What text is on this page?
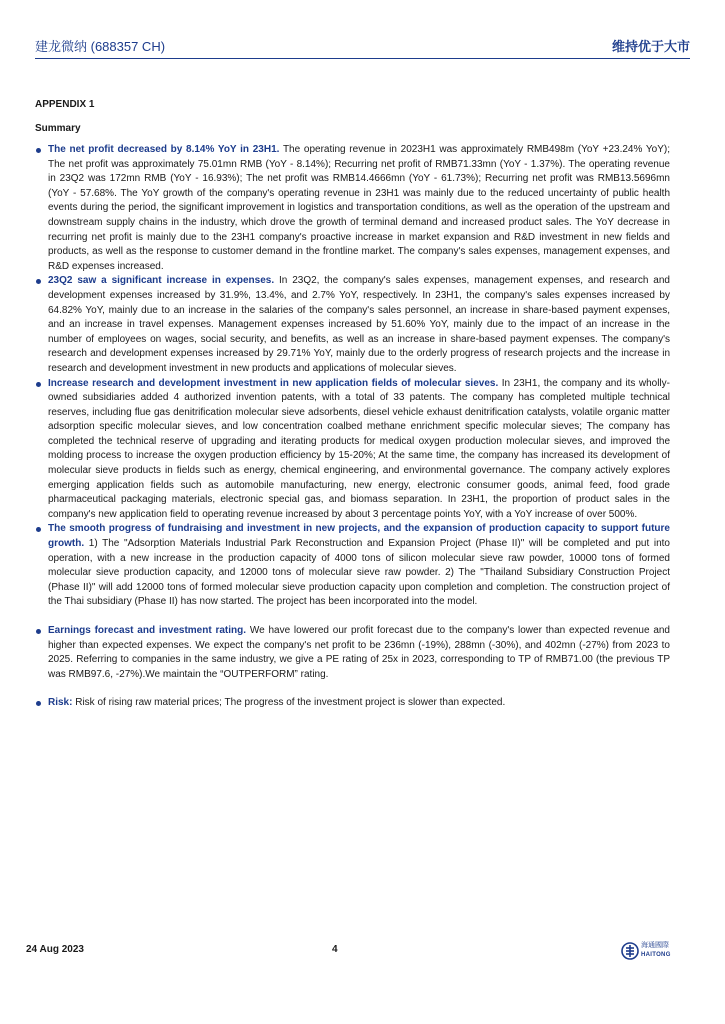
建龙微纳 (688357 CH)	维持优于大市
APPENDIX 1
Summary
The net profit decreased by 8.14% YoY in 23H1. The operating revenue in 2023H1 was approximately RMB498m (YoY +23.24% YoY); The net profit was approximately 75.01mn RMB (YoY - 8.14%); Recurring net profit of RMB71.33mn (YoY - 1.37%). The operating revenue in 23Q2 was 172mn RMB (YoY - 16.93%); The net profit was RMB14.4666mn (YoY - 61.73%); Recurring net profit was RMB13.5696mn (YoY - 57.68%. The YoY growth of the company's operating revenue in 23H1 was mainly due to the reduced uncertainty of public health events during the period, the significant improvement in logistics and transportation conditions, as well as the operation of the upstream and downstream supply chains in the industry, which drove the growth of terminal demand and increased product sales. The YoY decrease in recurring net profit is mainly due to the 23H1 company's proactive increase in market expansion and R&D investment in new fields and products, as well as the response to customer demand in the frontline market. The company's sales expenses, management expenses, and R&D expenses increased.
23Q2 saw a significant increase in expenses. In 23Q2, the company's sales expenses, management expenses, and research and development expenses increased by 31.9%, 13.4%, and 2.7% YoY, respectively. In 23H1, the company's sales expenses increased by 64.82% YoY, mainly due to an increase in the salaries of the company's sales personnel, an increase in share-based payment expenses, and an increase in travel expenses. Management expenses increased by 51.60% YoY, mainly due to the impact of an increase in the number of employees on wages, social security, and benefits, as well as an increase in share-based payment expenses. The company's research and development expenses increased by 29.71% YoY, mainly due to the orderly progress of research projects and the increase in research and development investment in new products and applications of molecular sieves.
Increase research and development investment in new application fields of molecular sieves. In 23H1, the company and its wholly-owned subsidiaries added 4 authorized invention patents, with a total of 33 patents. The company has completed multiple technical reserves, including flue gas denitrification molecular sieve adsorbents, diesel vehicle exhaust denitrification catalysts, volatile organic matter adsorption specific molecular sieves, and low concentration coalbed methane enrichment specific molecular sieves; The company has completed the technical reserve of upgrading and iterating products for medical oxygen production molecular sieves, and improved the molding process to increase the oxygen production efficiency by 15-20%; At the same time, the company has increased its development of molecular sieve products in fields such as energy, chemical engineering, and environmental governance. The company actively explores emerging application fields such as automobile manufacturing, new energy, electronic consumer goods, animal feed, food grade pharmaceutical packaging materials, electronic special gas, and biomass separation. In 23H1, the proportion of product sales in the company's new application field to operating revenue increased by about 3 percentage points YoY, with a YoY increase of over 500%.
The smooth progress of fundraising and investment in new projects, and the expansion of production capacity to support future growth. 1) The "Adsorption Materials Industrial Park Reconstruction and Expansion Project (Phase II)" will be completed and put into operation, with a new increase in the production capacity of 4000 tons of silicon molecular sieve raw powder, 10000 tons of formed molecular sieve production capacity, and 12000 tons of molecular sieve raw powder. 2) The "Thailand Subsidiary Construction Project (Phase II)" will add 12000 tons of formed molecular sieve production capacity upon completion and completion. The construction project of the Thai subsidiary (Phase II) has now started. The project has been incorporated into the model.
Earnings forecast and investment rating. We have lowered our profit forecast due to the company's lower than expected revenue and higher than expected expenses. We expect the company's net profit to be 236mn (-19%), 288mn (-30%), and 402mn (-27%) from 2023 to 2025. Referring to companies in the same industry, we give a PE rating of 25x in 2023, corresponding to TP of RMB71.00 (the previous TP was RMB97.6, -27%).We maintain the “OUTPERFORM” rating.
Risk: Risk of rising raw material prices; The progress of the investment project is slower than expected.
24 Aug 2023	4	海通國際
HAITONG
